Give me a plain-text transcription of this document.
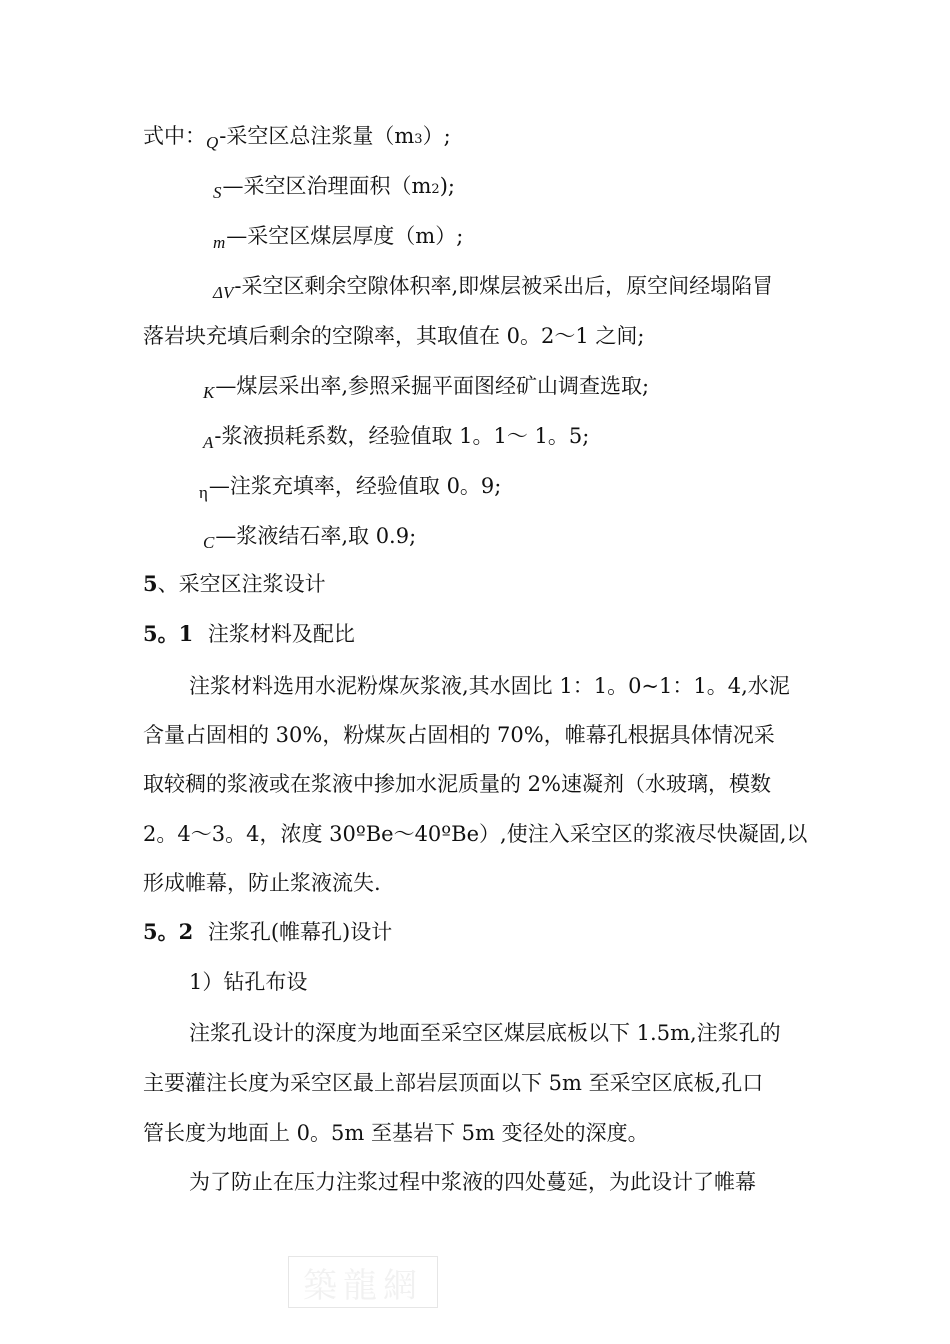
式中：$_Q$-采空区总注浆量（m3）;
$_S$—采空区治理面积（m2);
$_m$—采空区煤层厚度（m）;
$_{\Delta V}$-采空区剩余空隙体积率,即煤层被采出后，原空间经塌陷冒
落岩块充填后剩余的空隙率，其取值在 0。2～1 之间;
$_K$—煤层采出率,参照采掘平面图经矿山调查选取;
$_A$-浆液损耗系数，经验值取 1。1～ 1。5;
$_\eta$—注浆充填率，经验值取 0。9;
$_C$—浆液结石率,取 0.9;
5、采空区注浆设计
5。1 注浆材料及配比
注浆材料选用水泥粉煤灰浆液,其水固比 1：1。0~1：1。4,水泥
含量占固相的 30%，粉煤灰占固相的 70%，帷幕孔根据具体情况采
取较稠的浆液或在浆液中掺加水泥质量的 2%速凝剂（水玻璃，模数
2。4～3。4，浓度 30ºBe～40ºBe）,使注入采空区的浆液尽快凝固,以
形成帷幕，防止浆液流失.
5。2 注浆孔(帷幕孔)设计
1）钻孔布设
注浆孔设计的深度为地面至采空区煤层底板以下 1.5m,注浆孔的
主要灌注长度为采空区最上部岩层顶面以下 5m 至采空区底板,孔口
管长度为地面上 0。5m 至基岩下 5m 变径处的深度。
为了防止在压力注浆过程中浆液的四处蔓延，为此设计了帷幕
築龍網
